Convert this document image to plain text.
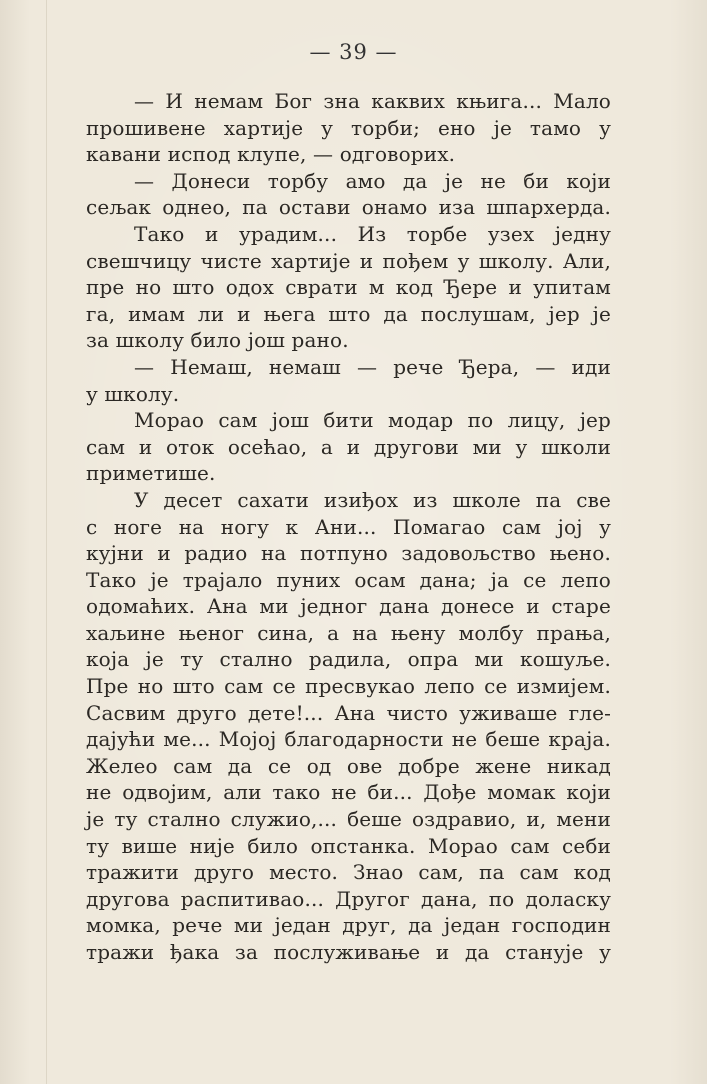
— 39 —
— И немам Бог зна каквих књига... Мало
прошивене хартије у торби; ено је тамо у
кавани испод клупе, — одговорих.
— Донеси торбу амо да је не би који
сељак однео, па остави онамо иза шпархерда.
Тако и урадим... Из торбе узех једну
свешчицу чисте хартије и пођем у школу. Али,
пре но што одох сврати м код Ђере и упитам
га, имам ли и њега што да послушам, јер је
за школу било још рано.
— Немаш, немаш — рече Ђера, — иди
у школу.
Морао сам још бити модар по лицу, јер
сам и оток осећао, а и другови ми у школи
приметише.
У десет сахати изиђох из школе па све
с ноге на ногу к Ани... Помагао сам јој у
кујни и радио на потпуно задовољство њено.
Тако је трајало пуних осам дана; ја се лепо
одомаћих. Ана ми једног дана донесе и старе
хаљине њеног сина, а на њену молбу прања,
која је ту стално радила, опра ми кошуље.
Пре но што сам се пресвукао лепо се измијем.
Сасвим друго дете!... Ана чисто уживаше гле-
дајући ме... Мојој благодарности не беше краја.
Желео сам да се од ове добре жене никад
не одвојим, али тако не би... Дође момак који
је ту стално служио,... беше оздравио, и, мени
ту више није било опстанка. Морао сам себи
тражити друго место. Знао сам, па сам код
другова распитивао... Другог дана, по доласку
момка, рече ми један друг, да један господин
тражи ђака за послуживање и да станује у
